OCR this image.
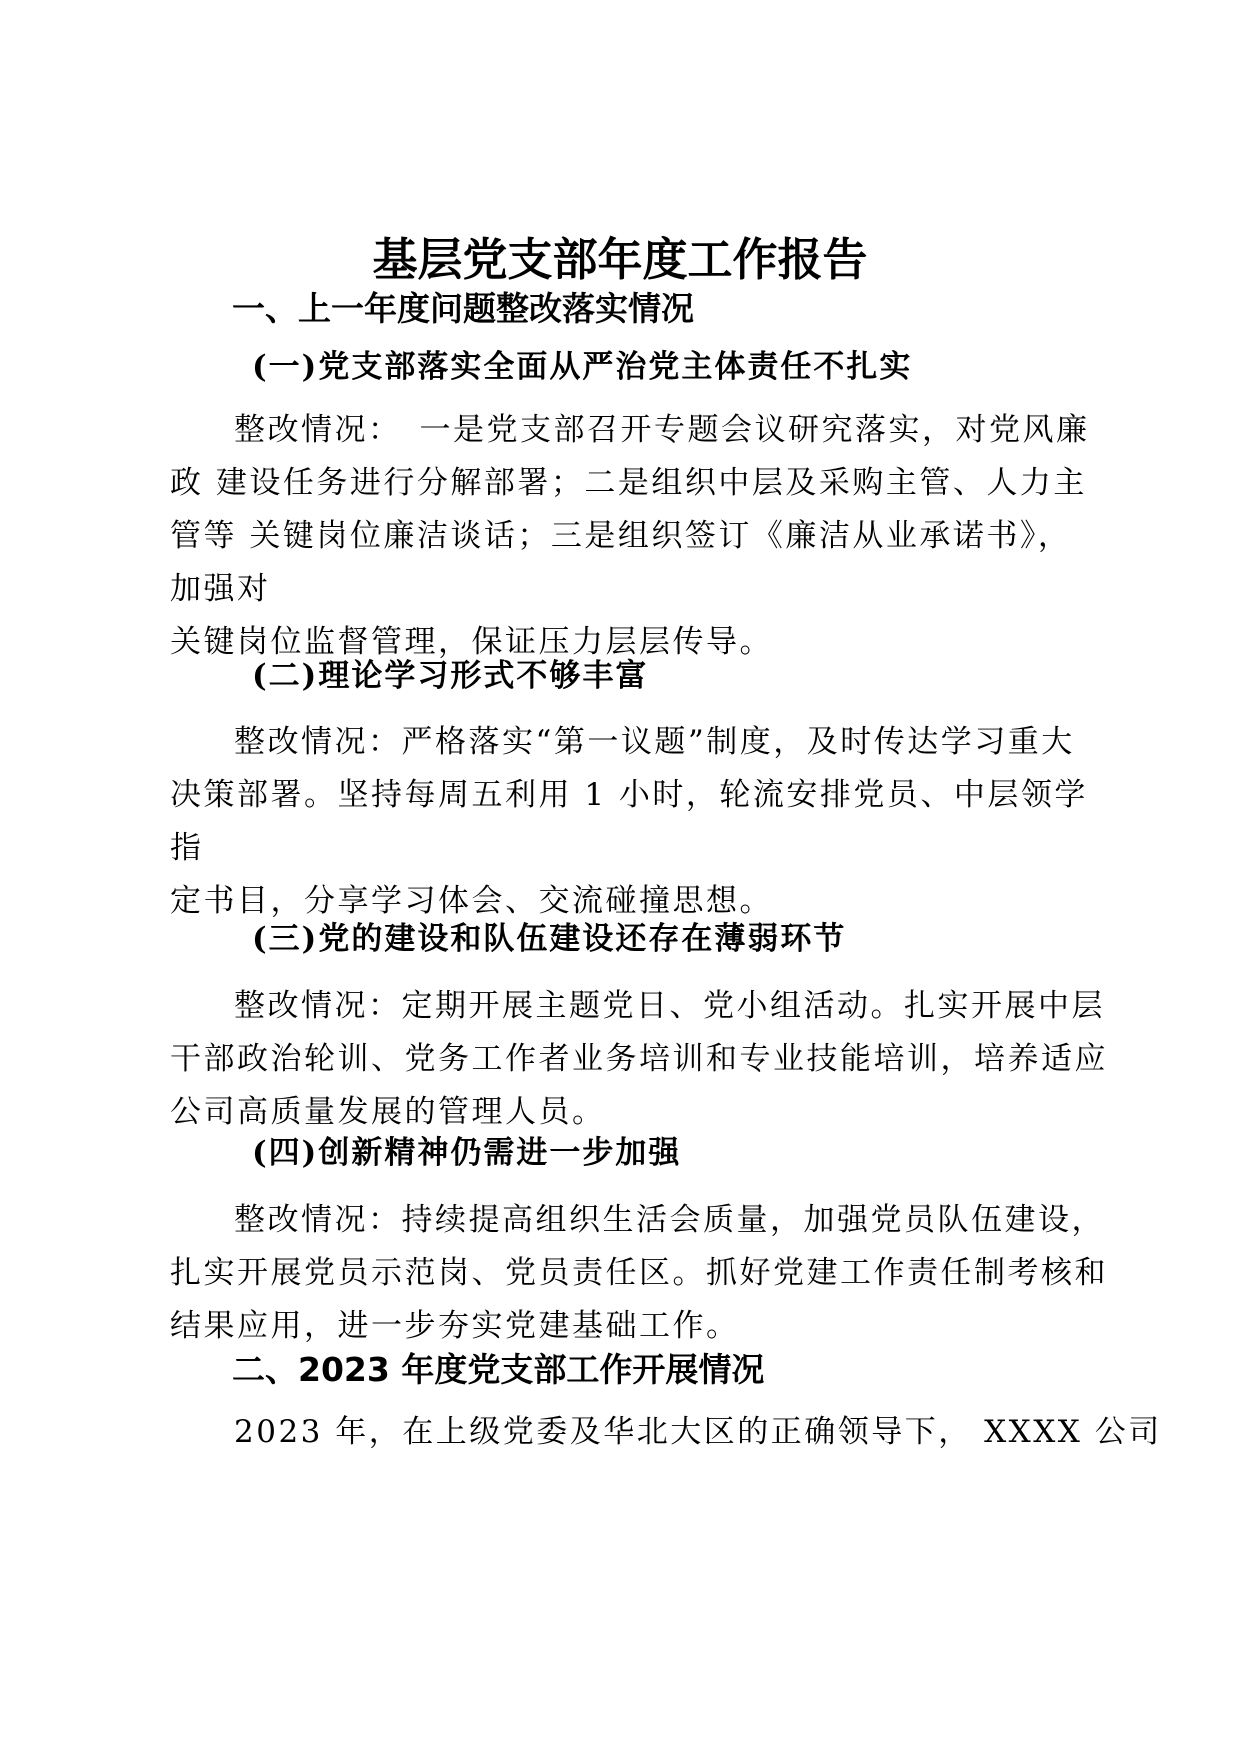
基层党支部年度工作报告
一、上一年度问题整改落实情况
(一)党支部落实全面从严治党主体责任不扎实
整改情况：　一是党支部召开专题会议研究落实，对党风廉
政 建设任务进行分解部署；二是组织中层及采购主管、人力主
管等 关键岗位廉洁谈话；三是组织签订《廉洁从业承诺书》，
加强对
关键岗位监督管理，保证压力层层传导。
(二)理论学习形式不够丰富
整改情况：严格落实“第一议题”制度，及时传达学习重大
决策部署。坚持每周五利用 1 小时，轮流安排党员、中层领学
指
定书目，分享学习体会、交流碰撞思想。
(三)党的建设和队伍建设还存在薄弱环节
整改情况：定期开展主题党日、党小组活动。扎实开展中层
干部政治轮训、党务工作者业务培训和专业技能培训，培养适应
公司高质量发展的管理人员。
(四)创新精神仍需进一步加强
整改情况：持续提高组织生活会质量，加强党员队伍建设，
扎实开展党员示范岗、党员责任区。抓好党建工作责任制考核和
结果应用，进一步夯实党建基础工作。
二、2023 年度党支部工作开展情况
2023 年，在上级党委及华北大区的正确领导下， XXXX 公司
